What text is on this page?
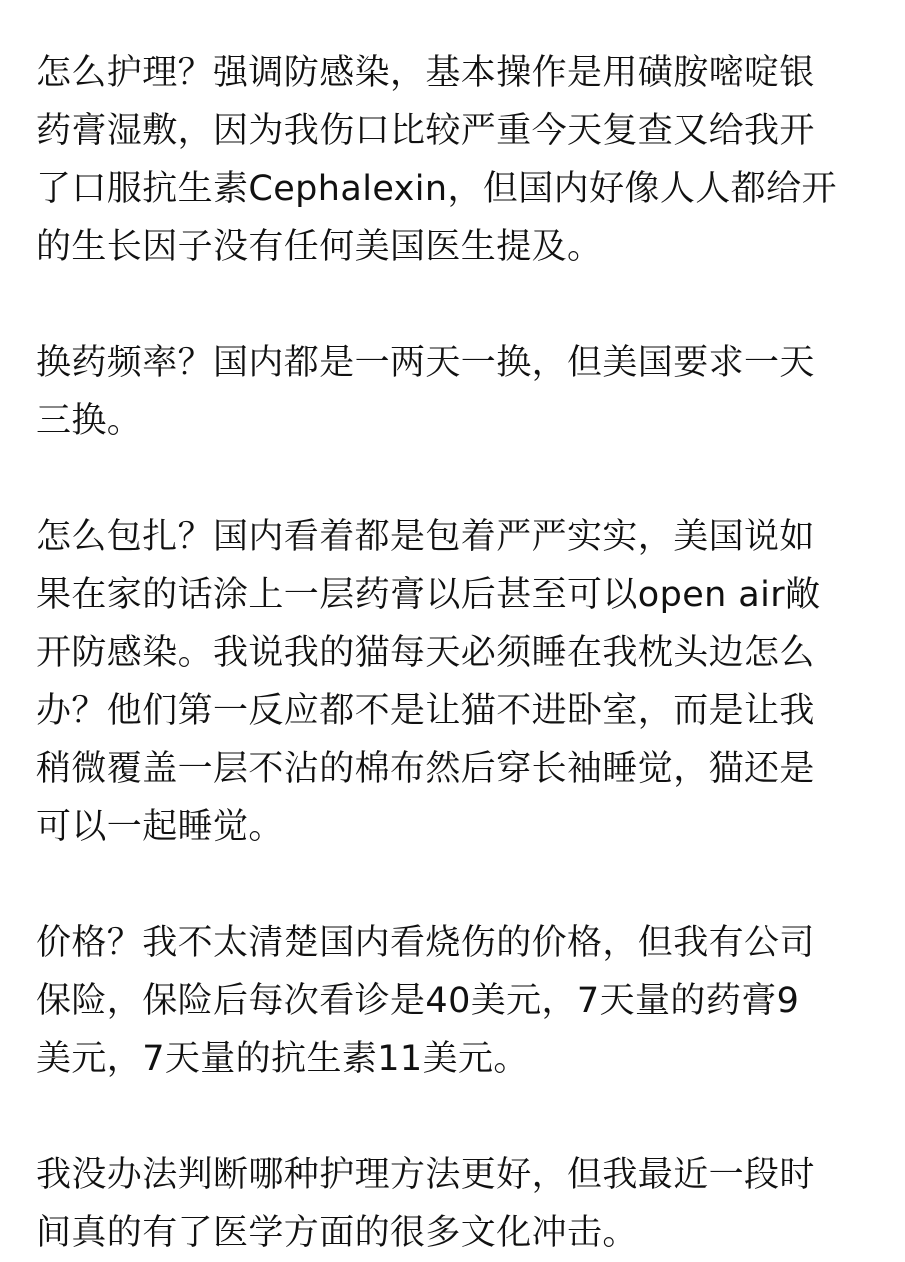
怎么护理？强调防感染，基本操作是用磺胺嘧啶银
药膏湿敷，因为我伤口比较严重今天复查又给我开
了口服抗生素Cephalexin，但国内好像人人都给开
的生长因子没有任何美国医生提及。

换药频率？国内都是一两天一换，但美国要求一天
三换。

怎么包扎？国内看着都是包着严严实实，美国说如
果在家的话涂上一层药膏以后甚至可以open air敞
开防感染。我说我的猫每天必须睡在我枕头边怎么
办？他们第一反应都不是让猫不进卧室，而是让我
稍微覆盖一层不沾的棉布然后穿长袖睡觉，猫还是
可以一起睡觉。

价格？我不太清楚国内看烧伤的价格，但我有公司
保险，保险后每次看诊是40美元，7天量的药膏9
美元，7天量的抗生素11美元。

我没办法判断哪种护理方法更好，但我最近一段时
间真的有了医学方面的很多文化冲击。
